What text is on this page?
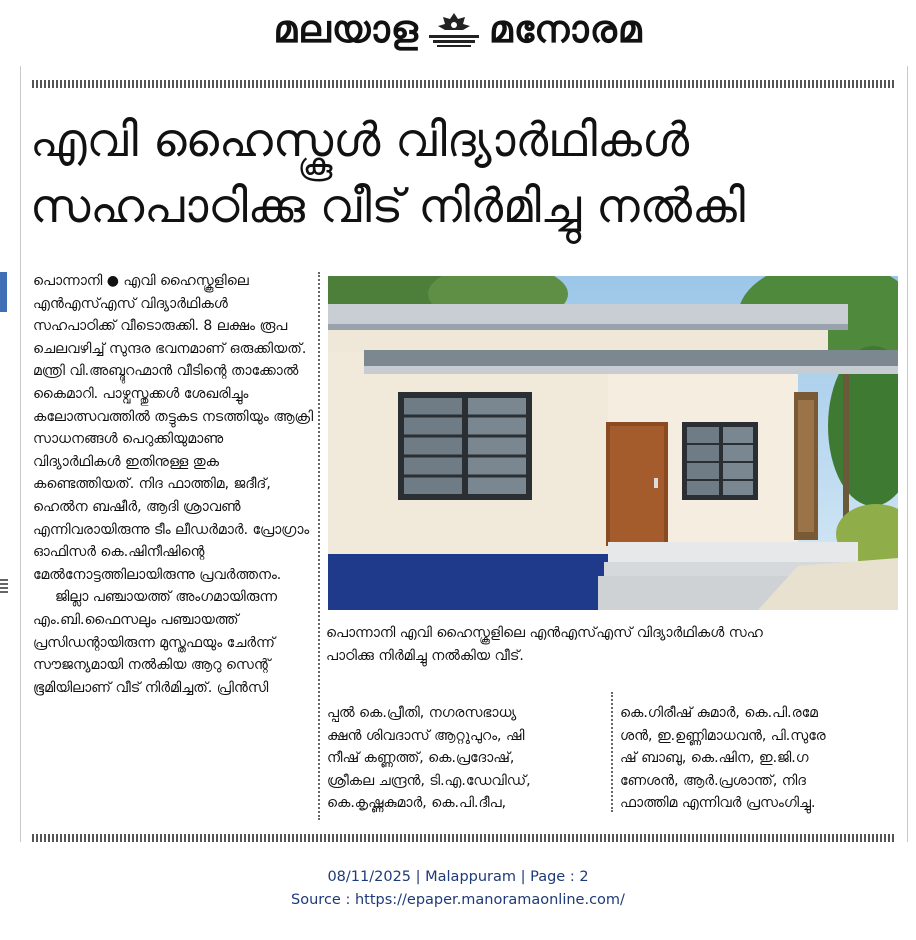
മലയാള മനോരമ
എവി ഹൈസ്കൂൾ വിദ്യാർഥികൾ
സഹപാഠിക്കു വീട് നിർമിച്ചു നൽകി

പൊന്നാനി ● എവി ഹൈസ്കൂളിലെ എൻഎസ്എസ് വിദ്യാർഥികൾ സഹപാഠിക്ക് വീടൊരുക്കി. 8 ലക്ഷം രൂപ ചെലവഴിച്ച് സുന്ദര ഭവനമാണ് ഒരുക്കിയത്. മന്ത്രി വി.അബ്ദുറഹ്മാൻ വീടിന്റെ താക്കോൽ കൈമാറി. പാഴ്വസ്തുക്കൾ ശേഖരിച്ചും കലോത്സവത്തിൽ തട്ടുകട നടത്തിയും ആക്രി സാധനങ്ങൾ പെറുക്കിയുമാണു വിദ്യാർഥികൾ ഇതിനുള്ള തുക കണ്ടെത്തിയത്. നിദ ഫാത്തിമ, ജദീദ്, ഹെൽന ബഷീർ, ആദി ശ്രാവൺ എന്നിവരായിരുന്നു ടീം ലീഡർമാർ. പ്രോഗ്രാം ഓഫിസർ കെ.ഷിനീഷിന്റെ മേൽനോട്ടത്തിലായിരുന്നു പ്രവർത്തനം.

ജില്ലാ പഞ്ചായത്ത് അംഗമായിരുന്ന എം.ബി.ഫൈസലും പഞ്ചായത്ത് പ്രസിഡന്റായിരുന്ന മുസ്തഫയും ചേർന്ന് സൗജന്യമായി നൽകിയ ആറു സെന്റ് ഭൂമിയിലാണ് വീട് നിർമിച്ചത്. പ്രിൻസി

പൊന്നാനി എവി ഹൈസ്കൂളിലെ എൻഎസ്എസ് വിദ്യാർഥികൾ സഹ
പാഠിക്കു നിർമിച്ചു നൽകിയ വീട്.
പ്പൽ കെ.പ്രീതി, നഗരസഭാധ്യ
ക്ഷൻ ശിവദാസ് ആറ്റുപുറം, ഷി
നീഷ് കണ്ണത്ത്, കെ.പ്രദോഷ്,
ശ്രീകല ചന്ദ്രൻ, ടി.എ.ഡേവിഡ്,
കെ.കൃഷ്ണകുമാർ, കെ.പി.ദീപ,
കെ.ഗിരീഷ് കുമാർ, കെ.പി.രമേ
ശൻ, ഇ.ഉണ്ണിമാധവൻ, പി.സുരേ
ഷ് ബാബു, കെ.ഷിന, ഇ.ജി.ഗ
ണേശൻ, ആർ.പ്രശാന്ത്, നിദ
ഫാത്തിമ എന്നിവർ പ്രസംഗിച്ചു.
08/11/2025 | Malappuram | Page : 2
Source : https://epaper.manoramaonline.com/
